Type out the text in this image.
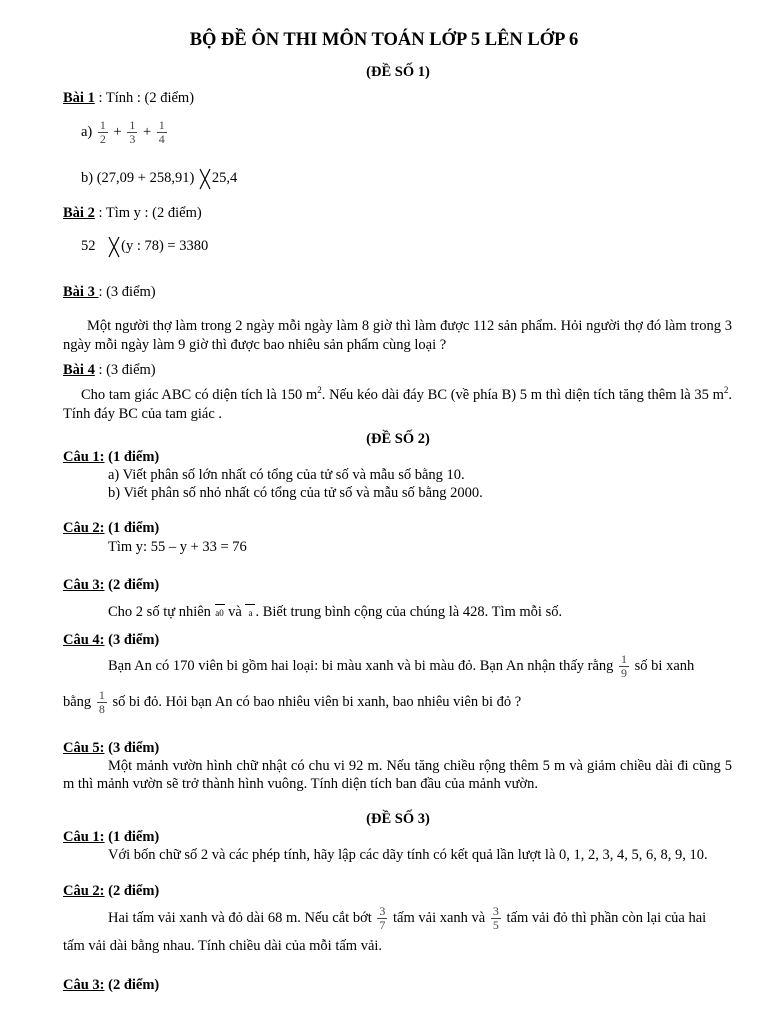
BỘ ĐỀ ÔN THI MÔN TOÁN LỚP 5 LÊN LỚP 6
(ĐỀ SỐ 1)
Bài 1 : Tính : (2 điểm)
$a) \frac{1}{2} + \frac{1}{3} + \frac{1}{4}$
b) (27,09 + 258,91) 25,4
Bài 2 : Tìm y : (2 điểm)
52 (y : 78) = 3380
Bài 3 : (3 điểm)
Một người thợ làm trong 2 ngày mỗi ngày làm 8 giờ thì làm được 112 sản phẩm. Hỏi người thợ đó làm trong 3 ngày mỗi ngày làm 9 giờ thì được bao nhiêu sản phẩm cùng loại ?
Bài 4 : (3 điểm)
Cho tam giác ABC có diện tích là 150 $m^2$. Nếu kéo dài đáy BC (về phía B) 5 m thì diện tích tăng thêm là 35 $m^2$. Tính đáy BC của tam giác .
(ĐỀ SỐ 2)
Câu 1: (1 điểm)
a) Viết phân số lớn nhất có tổng của tử số và mẫu số bằng 10.
b) Viết phân số nhỏ nhất có tổng của tử số và mẫu số bằng 2000.
Câu 2: (1 điểm)
Tìm y: 55 – y + 33 = 76
Câu 3: (2 điểm)
Cho 2 số tự nhiên a0 và a . Biết trung bình cộng của chúng là 428. Tìm mỗi số.
Câu 4: (3 điểm)
Bạn An có 170 viên bi gồm hai loại: bi màu xanh và bi màu đỏ. Bạn An nhận thấy rằng $\frac{1}{9}$ số bi xanh
bằng $\frac{1}{8}$ số bi đỏ. Hỏi bạn An có bao nhiêu viên bi xanh, bao nhiêu viên bi đỏ ?
Câu 5: (3 điểm)
Một mảnh vườn hình chữ nhật có chu vi 92 m. Nếu tăng chiều rộng thêm 5 m và giảm chiều dài đi cũng 5 m thì mảnh vườn sẽ trở thành hình vuông. Tính diện tích ban đầu của mảnh vườn.
(ĐỀ SỐ 3)
Câu 1: (1 điểm)
Với bốn chữ số 2 và các phép tính, hãy lập các dãy tính có kết quả lần lượt là 0, 1, 2, 3, 4, 5, 6, 8, 9, 10.
Câu 2: (2 điểm)
Hai tấm vải xanh và đỏ dài 68 m. Nếu cắt bớt $\frac{3}{7}$ tấm vải xanh và $\frac{3}{5}$ tấm vải đỏ thì phần còn lại của hai
tấm vải dài bằng nhau. Tính chiều dài của mỗi tấm vải.
Câu 3: (2 điểm)
